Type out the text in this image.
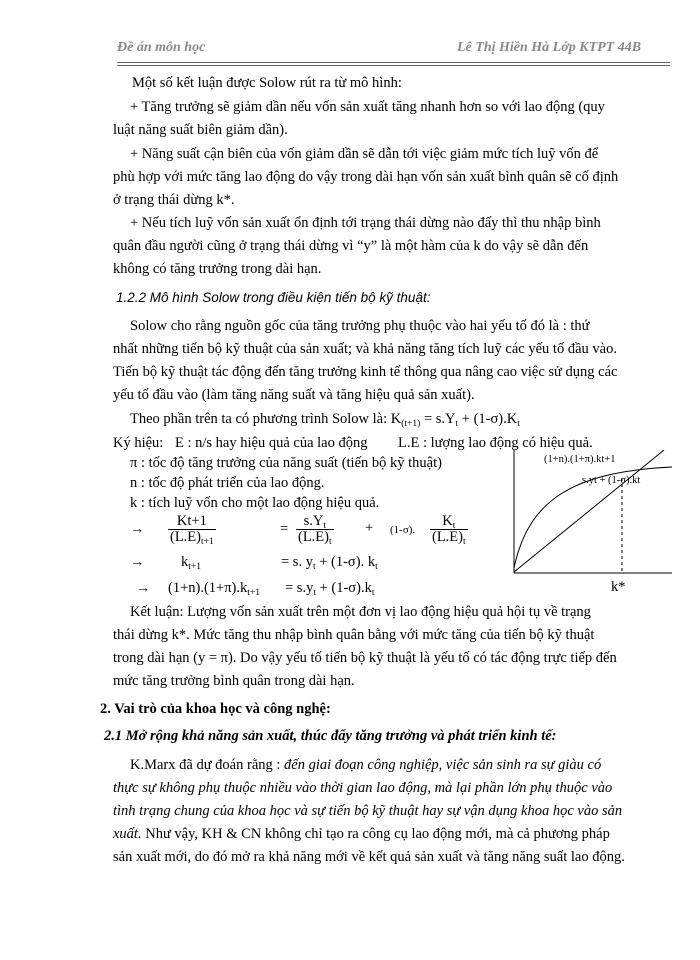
Đề án môn học	Lê Thị Hiền Hà Lớp KTPT 44B
Một số kết luận được Solow rút ra từ mô hình:
+ Tăng trưởng sẽ giảm dần nếu vốn sản xuất tăng nhanh hơn so với lao động (quy
luật năng suất biên giảm dần).
+ Năng suất cận biên của vốn giảm dần sẽ dẫn tới việc giảm mức tích luỹ vốn để
phù hợp với mức tăng lao động do vậy trong dài hạn vốn sản xuất bình quân sẽ cố định
ở trạng thái dừng k*.
+ Nếu tích luỹ vốn sản xuất ổn định tới trạng thái dừng nào đấy thì thu nhập bình
quân đầu người cũng ở trạng thái dừng vì “y” là một hàm của k do vậy sẽ dẫn đến
không có tăng trưởng trong dài hạn.
1.2.2 Mô hình Solow trong điều kiện tiến bộ kỹ thuật:
Solow cho rằng nguồn gốc của tăng trưởng phụ thuộc vào hai yếu tố đó là : thứ
nhất những tiến bộ kỹ thuật của sản xuất; và khả năng tăng tích luỹ các yếu tố đầu vào.
Tiến bộ kỹ thuật tác động đến tăng trưởng kinh tế thông qua nâng cao việc sử dụng các
yếu tố đầu vào (làm tăng năng suất và tăng hiệu quả sản xuất).
Theo phần trên ta có phương trình Solow là: $K_{(t+1)} = s.Y_t + (1-\sigma).K_t$
Ký hiệu: E : n/s hay hiệu quả của lao động L.E : lượng lao động có hiệu quả.
π : tốc độ tăng trưởng của năng suất (tiến bộ kỹ thuật)
n : tốc độ phát triển của lao động.
k : tích luỹ vốn cho một lao động hiệu quả.
→ $\frac{Kt+1}{(L.E)_{t+1}}$	= $\frac{s.Y_t}{(L.E)_t} + (1-\sigma)$. $\frac{K_t}{(L.E)_t}$
→	$k_{t+1}$	= s. $y_t + (1-\sigma)$. $k_t$
→ $(1+n).(1+\pi).k_{t+1} = s.y_t + (1-\sigma).k_t$
(1+n).(1+π).kt+1
s.yt + (1-σ).kt
k*
Kết luận: Lượng vốn sản xuất trên một đơn vị lao động hiệu quả hội tụ về trạng
thái dừng k*. Mức tăng thu nhập bình quân bằng với mức tăng của tiến bộ kỹ thuật
trong dài hạn (y = π). Do vậy yếu tố tiến bộ kỹ thuật là yếu tố có tác động trực tiếp đến
mức tăng trưởng bình quân trong dài hạn.
2. Vai trò của khoa học và công nghệ:
2.1 Mở rộng khả năng sản xuất, thúc đẩy tăng trưởng và phát triển kinh tế:
K.Marx đã dự đoán rằng : đến giai đoạn công nghiệp, việc sản sinh ra sự giàu có
thực sự không phụ thuộc nhiều vào thời gian lao động, mà lại phần lớn phụ thuộc vào
tình trạng chung của khoa học và sự tiến bộ kỹ thuật hay sự vận dụng khoa học vào sản
xuất. Như vậy, KH & CN không chỉ tạo ra công cụ lao động mới, mà cả phương pháp
sản xuất mới, do đó mở ra khả năng mới về kết quả sản xuất và tăng năng suất lao động.
